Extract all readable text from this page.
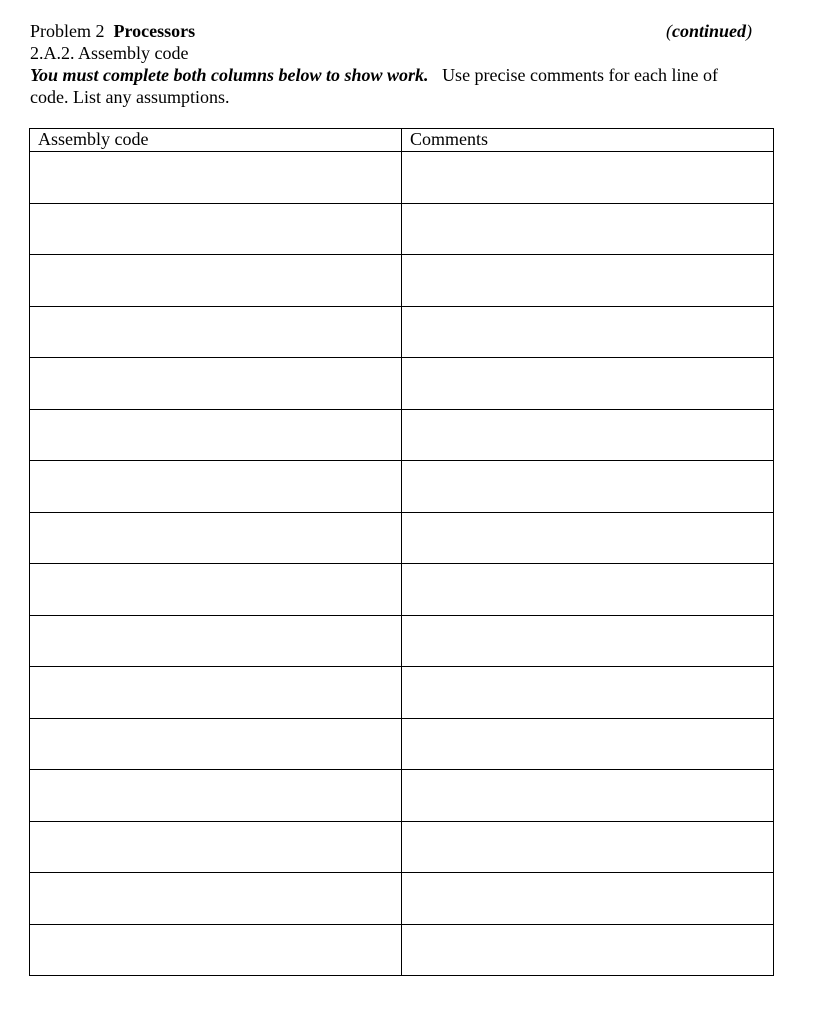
Problem 2 Processors	(continued)
2.A.2. Assembly code
You must complete both columns below to show work. Use precise comments for each line of
code. List any assumptions.
Assembly code	Comments
